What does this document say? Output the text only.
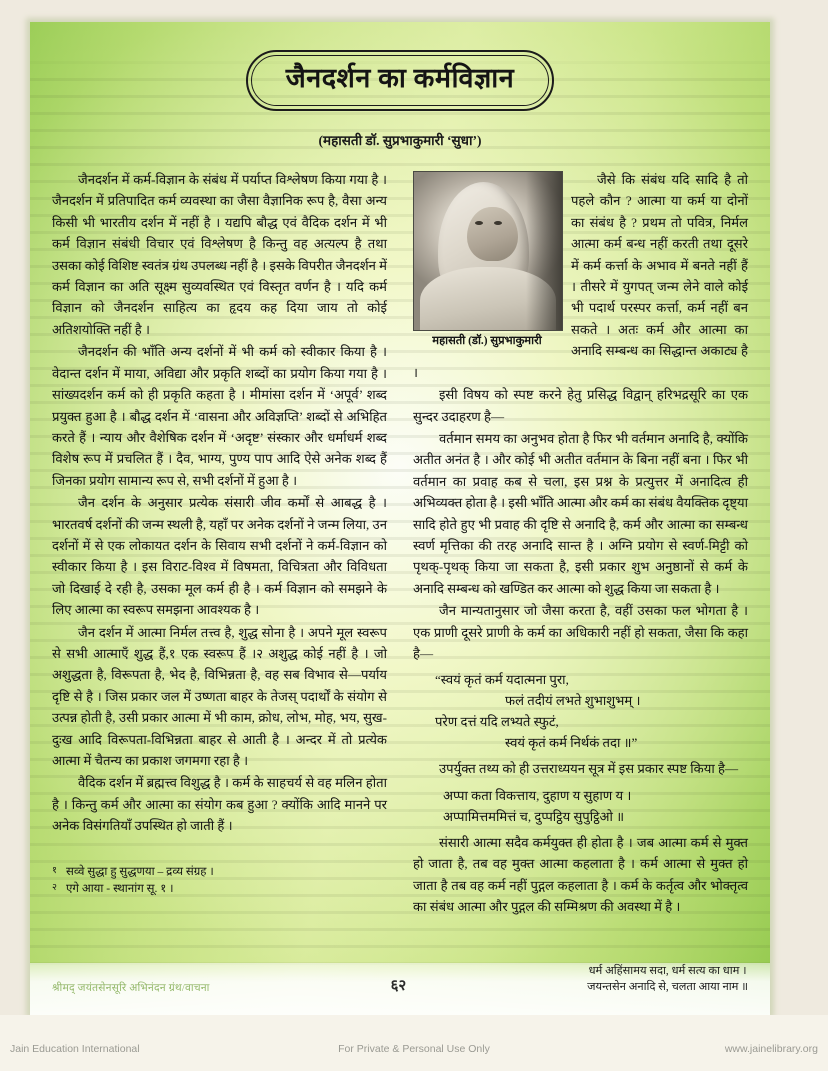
जैनदर्शन का कर्मविज्ञान
(महासती डॉ. सुप्रभाकुमारी ‘सुधा’)

जैनदर्शन में कर्म-विज्ञान के संबंध में पर्याप्त विश्लेषण किया गया है । जैनदर्शन में प्रतिपादित कर्म व्यवस्था का जैसा वैज्ञानिक रूप है, वैसा अन्य किसी भी भारतीय दर्शन में नहीं है । यद्यपि बौद्ध एवं वैदिक दर्शन में भी कर्म विज्ञान संबंधी विचार एवं विश्लेषण है किन्तु वह अत्यल्प है तथा उसका कोई विशिष्ट स्वतंत्र ग्रंथ उपलब्ध नहीं है । इसके विपरीत जैनदर्शन में कर्म विज्ञान का अति सूक्ष्म सुव्यवस्थित एवं विस्तृत वर्णन है । यदि कर्म विज्ञान को जैनदर्शन साहित्य का हृदय कह दिया जाय तो कोई अतिशयोक्ति नहीं है ।

जैनदर्शन की भाँति अन्य दर्शनों में भी कर्म को स्वीकार किया है । वेदान्त दर्शन में माया, अविद्या और प्रकृति शब्दों का प्रयोग किया गया है । सांख्यदर्शन कर्म को ही प्रकृति कहता है । मीमांसा दर्शन में ‘अपूर्व’ शब्द प्रयुक्त हुआ है । बौद्ध दर्शन में ‘वासना और अविज्ञप्ति’ शब्दों से अभिहित करते हैं । न्याय और वैशेषिक दर्शन में ‘अदृष्ट’ संस्कार और धर्माधर्म शब्द विशेष रूप में प्रचलित हैं । दैव, भाग्य, पुण्य पाप आदि ऐसे अनेक शब्द हैं जिनका प्रयोग सामान्य रूप से, सभी दर्शनों में हुआ है ।

जैन दर्शन के अनुसार प्रत्येक संसारी जीव कर्मों से आबद्ध है । भारतवर्ष दर्शनों की जन्म स्थली है, यहाँ पर अनेक दर्शनों ने जन्म लिया, उन दर्शनों में से एक लोकायत दर्शन के सिवाय सभी दर्शनों ने कर्म-विज्ञान को स्वीकार किया है । इस विराट-विश्व में विषमता, विचित्रता और विविधता जो दिखाई दे रही है, उसका मूल कर्म ही है । कर्म विज्ञान को समझने के लिए आत्मा का स्वरूप समझना आवश्यक है ।

जैन दर्शन में आत्मा निर्मल तत्त्व है, शुद्ध सोना है । अपने मूल स्वरूप से सभी आत्माएँ शुद्ध हैं,१ एक स्वरूप हैं ।२ अशुद्ध कोई नहीं है । जो अशुद्धता है, विरूपता है, भेद है, विभिन्नता है, वह सब विभाव से—पर्याय दृष्टि से है । जिस प्रकार जल में उष्णता बाहर के तेजस् पदार्थों के संयोग से उत्पन्न होती है, उसी प्रकार आत्मा में भी काम, क्रोध, लोभ, मोह, भय, सुख-दुःख आदि विरूपता-विभिन्नता बाहर से आती है । अन्दर में तो प्रत्येक आत्मा में चैतन्य का प्रकाश जगमगा रहा है ।

वैदिक दर्शन में ब्रह्मत्त्व विशुद्ध है । कर्म के साहचर्य से वह मलिन होता है । किन्तु कर्म और आत्मा का संयोग कब हुआ ? क्योंकि आदि मानने पर अनेक विसंगतियाँ उपस्थित हो जाती हैं ।

१ सव्वे सुद्धा हु सुद्धणया – द्रव्य संग्रह ।
२ एगे आया - स्थानांग सू. १ ।
महासती (डॉ.) सुप्रभाकुमारी

जैसे कि संबंध यदि सादि है तो पहले कौन ? आत्मा या कर्म या दोनों का संबंध है ? प्रथम तो पवित्र, निर्मल आत्मा कर्म बन्ध नहीं करती तथा दूसरे में कर्म कर्त्ता के अभाव में बनते नहीं हैं । तीसरे में युगपत् जन्म लेने वाले कोई भी पदार्थ परस्पर कर्त्ता, कर्म नहीं बन सकते । अतः कर्म और आत्मा का अनादि सम्बन्ध का सिद्धान्त अकाट्य है ।

इसी विषय को स्पष्ट करने हेतु प्रसिद्ध विद्वान् हरिभद्रसूरि का एक सुन्दर उदाहरण है—

वर्तमान समय का अनुभव होता है फिर भी वर्तमान अनादि है, क्योंकि अतीत अनंत है । और कोई भी अतीत वर्तमान के बिना नहीं बना । फिर भी वर्तमान का प्रवाह कब से चला, इस प्रश्न के प्रत्युत्तर में अनादित्व ही अभिव्यक्त होता है । इसी भाँति आत्मा और कर्म का संबंध वैयक्तिक दृष्ट्या सादि होते हुए भी प्रवाह की दृष्टि से अनादि है, कर्म और आत्मा का सम्बन्ध स्वर्ण मृत्तिका की तरह अनादि सान्त है । अग्नि प्रयोग से स्वर्ण-मिट्टी को पृथक्-पृथक् किया जा सकता है, इसी प्रकार शुभ अनुष्ठानों से कर्म के अनादि सम्बन्ध को खण्डित कर आत्मा को शुद्ध किया जा सकता है ।

जैन मान्यतानुसार जो जैसा करता है, वहीं उसका फल भोगता है । एक प्राणी दूसरे प्राणी के कर्म का अधिकारी नहीं हो सकता, जैसा कि कहा है—

“स्वयं कृतं कर्म यदात्मना पुरा,

फलं तदीयं लभते शुभाशुभम् ।

परेण दत्तं यदि लभ्यते स्फुटं,

स्वयं कृतं कर्म निर्थकं तदा ॥”

उपर्युक्त तथ्य को ही उत्तराध्ययन सूत्र में इस प्रकार स्पष्ट किया है—

अप्पा कता विकत्ताय, दुहाण य सुहाण य ।

अप्पामित्तममित्तं च, दुप्पट्ठिय सुपुट्ठिओ ॥

संसारी आत्मा सदैव कर्मयुक्त ही होता है । जब आत्मा कर्म से मुक्त हो जाता है, तब वह मुक्त आत्मा कहलाता है । कर्म आत्मा से मुक्त हो जाता है तब वह कर्म नहीं पुद्गल कहलाता है । कर्म के कर्तृत्व और भोक्तृत्व का संबंध आत्मा और पुद्गल की सम्मिश्रण की अवस्था में है ।

श्रीमद् जयंतसेनसूरि अभिनंदन ग्रंथ/वाचना	६२
धर्म अहिंसामय सदा, धर्म सत्य का धाम ।
जयन्तसेन अनादि से, चलता आया नाम ॥
Jain Education International	For Private & Personal Use Only	www.jainelibrary.org
